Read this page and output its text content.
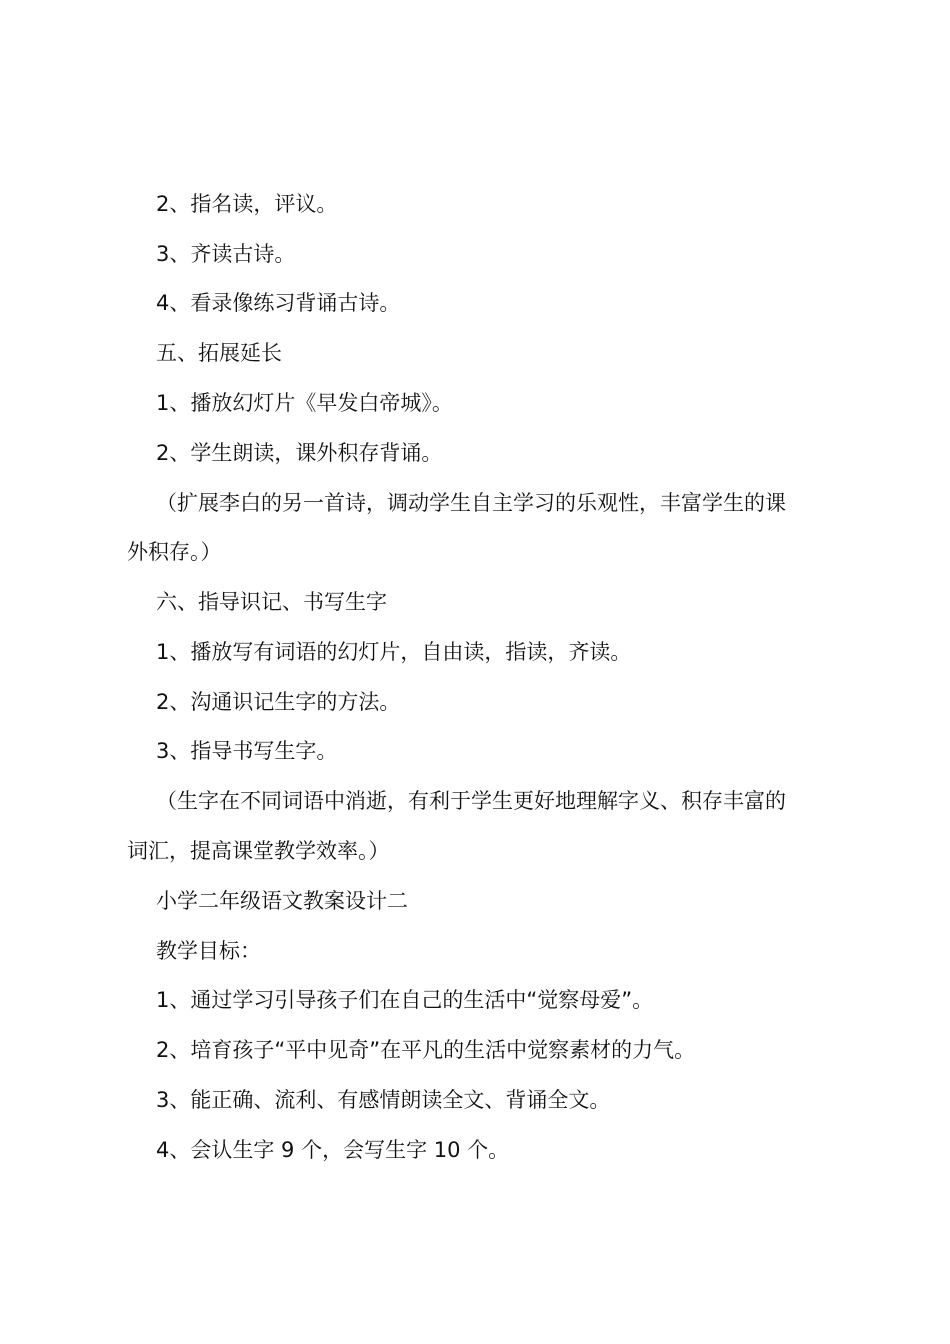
2、指名读，评议。
3、齐读古诗。
4、看录像练习背诵古诗。
五、拓展延长
1、播放幻灯片《早发白帝城》。
2、学生朗读，课外积存背诵。
（扩展李白的另一首诗，调动学生自主学习的乐观性，丰富学生的课
外积存。）
六、指导识记、书写生字
1、播放写有词语的幻灯片，自由读，指读，齐读。
2、沟通识记生字的方法。
3、指导书写生字。
（生字在不同词语中消逝，有利于学生更好地理解字义、积存丰富的
词汇，提高课堂教学效率。）
小学二年级语文教案设计二
教学目标：
1、通过学习引导孩子们在自己的生活中“觉察母爱”。
2、培育孩子“平中见奇”在平凡的生活中觉察素材的力气。
3、能正确、流利、有感情朗读全文、背诵全文。
4、会认生字 9 个，会写生字 10 个。
